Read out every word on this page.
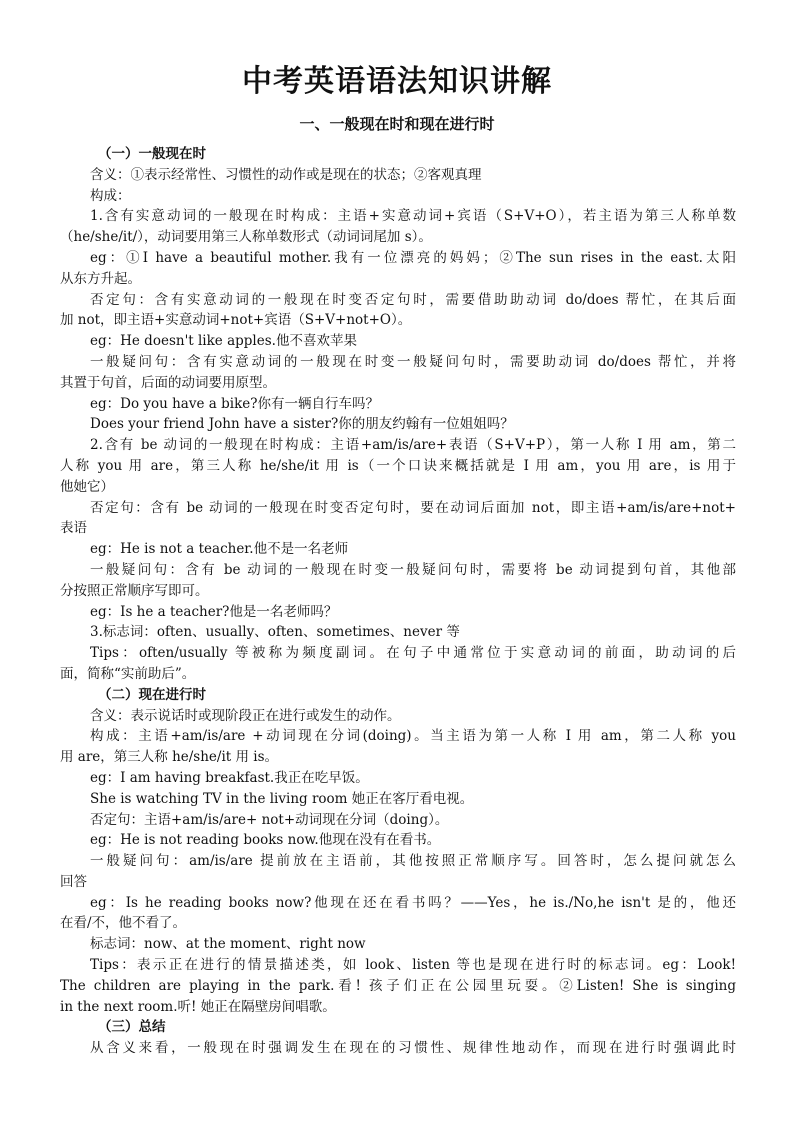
中考英语语法知识讲解
一、一般现在时和现在进行时
（一）一般现在时
含义：①表示经常性、习惯性的动作或是现在的状态；②客观真理
构成：
1.含有实意动词的一般现在时构成：主语+实意动词+宾语（S+V+O），若主语为第三人称单数
（he/she/it/），动词要用第三人称单数形式（动词词尾加 s）。
eg：①I have a beautiful mother.我有一位漂亮的妈妈；②The sun rises in the east.太阳
从东方升起。
否定句：含有实意动词的一般现在时变否定句时，需要借助助动词 do/does 帮忙，在其后面
加 not，即主语+实意动词+not+宾语（S+V+not+O）。
eg：He doesn't like apples.他不喜欢苹果
一般疑问句：含有实意动词的一般现在时变一般疑问句时，需要助动词 do/does 帮忙，并将
其置于句首，后面的动词要用原型。
eg：Do you have a bike?你有一辆自行车吗？
Does your friend John have a sister?你的朋友约翰有一位姐姐吗？
2.含有 be 动词的一般现在时构成：主语+am/is/are+表语（S+V+P），第一人称 I 用 am，第二
人称 you 用 are，第三人称 he/she/it 用 is（一个口诀来概括就是 I 用 am，you 用 are，is 用于
他她它）
否定句：含有 be 动词的一般现在时变否定句时，要在动词后面加 not，即主语+am/is/are+not+
表语
eg：He is not a teacher.他不是一名老师
一般疑问句：含有 be 动词的一般现在时变一般疑问句时，需要将 be 动词提到句首，其他部
分按照正常顺序写即可。
eg：Is he a teacher?他是一名老师吗？
3.标志词：often、usually、often、sometimes、never 等
Tips：often/usually 等被称为频度副词。在句子中通常位于实意动词的前面，助动词的后
面，简称“实前助后”。
（二）现在进行时
含义：表示说话时或现阶段正在进行或发生的动作。
构成：主语+am/is/are +动词现在分词(doing)。当主语为第一人称 I 用 am，第二人称 you
用 are，第三人称 he/she/it 用 is。
eg：I am having breakfast.我正在吃早饭。
She is watching TV in the living room 她正在客厅看电视。
否定句：主语+am/is/are+ not+动词现在分词（doing）。
eg：He is not reading books now.他现在没有在看书。
一般疑问句：am/is/are 提前放在主语前，其他按照正常顺序写。回答时，怎么提问就怎么
回答
eg：Is he reading books now?他现在还在看书吗？——Yes，he is./No,he isn't 是的，他还
在看/不，他不看了。
标志词：now、at the moment、right now
Tips：表示正在进行的情景描述类，如 look、listen 等也是现在进行时的标志词。eg：Look!
The children are playing in the park.看! 孩子们正在公园里玩耍。②Listen! She is singing
in the next room.听! 她正在隔壁房间唱歌。
（三）总结
从含义来看，一般现在时强调发生在现在的习惯性、规律性地动作，而现在进行时强调此时
